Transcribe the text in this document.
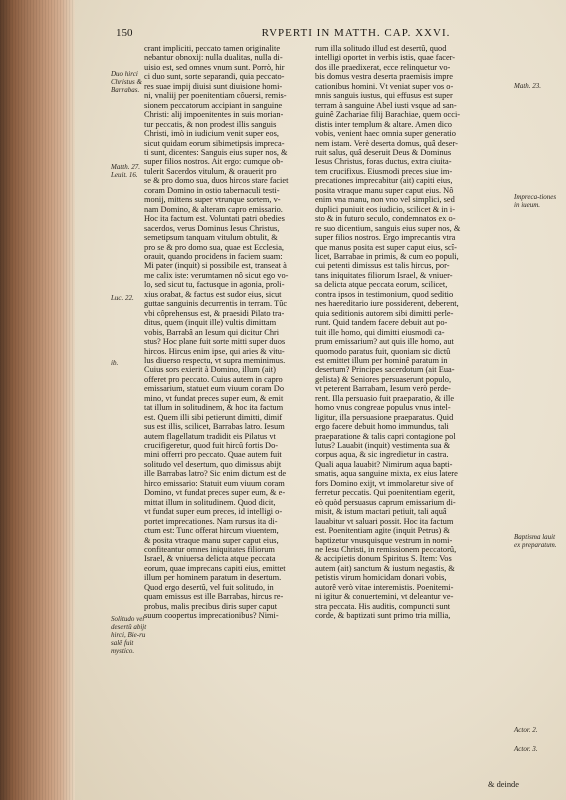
150	RVPERTI IN MATTH. CAP. XXVI.
crant impliciti, peccato tamen originalite
nebantur obnoxij: nulla dualitas, nulla di-
uisio est, sed omnes vnum sunt. Porrò, hir
ci duo sunt, sorte separandi, quia peccato-
res suae impij diuisi sunt diuisione homi-
ni, vnaliij per poenitentiam côuersi, remis-
sionem peccatorum accipiant in sanguine
Christi: alij impoenitentes in suis morian-
tur peccatis, & non prodest illis sanguis
Christi, imò in iudicium venit super eos,
sicut quidam eorum sibimetipsis impreca-
ti sunt, dicentes: Sanguis eius super nos, &
super filios nostros. Ait ergo: cumque ob-
tulerit Sacerdos vitulum, & orauerit pro
se & pro domo sua, duos hircos stare faciet
coram Domino in ostio tabernaculi testi-
monij, mittens super vtrunque sortem, v-
nam Domino, & alteram capro emissario.
Hoc ita factum est. Voluntati patri obedies
sacerdos, verus Dominus Iesus Christus,
semetipsum tanquam vitulum obtulit, &
pro se & pro domo sua, quae est Ecclesia,
orauit, quando procidens in faciem suam:
Mi pater (inquit) si possibile est, transeat à
me calix iste: verumtamen nô sicut ego vo-
lo, sed sicut tu, factusque in agonia, proli-
xius orabat, & factus est sudor eius, sicut
guttae sanguinis decurrentis in terram. Tûc
vbi côprehensus est, & praesidi Pilato tra-
ditus, quem (inquit ille) vultis dimittam
vobis, Barrabâ an Iesum qui dicitur Chri
stus? Hoc plane fuit sorte mitti super duos
hircos. Hircus enim ipse, qui aries & vitu-
lus diuerso respectu, vt supra meminimus.
Cuius sors exierit à Domino, illum (ait)
offeret pro peccato. Cuius autem in capro
emissarium, statuet eum viuum coram Do
mino, vt fundat preces super eum, & emit
tat illum in solitudinem, & hoc ita factum
est. Quem illi sibi petierunt dimitti, dimif
sus est illis, scilicet, Barrabas latro. Iesum
autem flagellatum tradidit eis Pilatus vt
crucifigeretur, quod fuit hircû fortis Do-
mini offerri pro peccato. Quae autem fuit
solitudo vel desertum, quo dimissus abijt
ille Barrabas latro? Sic enim dictum est de
hirco emissario: Statuit eum viuum coram
Domino, vt fundat preces super eum, & e-
mittat illum in solitudinem. Quod dicit,
vt fundat super eum preces, id intelligi o-
portet imprecationes. Nam rursus ita di-
ctum est: Tunc offerat hircum viuentem,
& posita vtraque manu super caput eius,
confiteantur omnes iniquitates filiorum
Israel, & vniuersa delicta atque peccata
eorum, quae imprecans capiti eius, emittet
illum per hominem paratum in desertum.
Quod ergo desertû, vel fuit solitudo, in
quam emissus est ille Barrabas, hircus re-
probus, malis precibus diris super caput
suum coopertus imprecationibus? Nimi-
rum illa solitudo illud est desertû, quod
intelligi oportet in verbis istis, quae facer-
dos ille praedixerat, ecce relinquetur vo-
bis domus vestra deserta praemisis impre
cationibus homini. Vt veniat super vos o-
mnis sanguis iustus, qui effusus est super
terram à sanguine Abel iusti vsque ad san-
guinê Zachariae filij Barachiae, quem occi-
distis inter templum & altare. Amen dico
vobis, venient haec omnia super generatio
nem istam. Verè deserta domus, quâ deser-
ruit salus, quâ deseruit Deus & Dominus
Iesus Christus, foras ductus, extra ciuita-
tem crucifixus. Eiusmodi preces siue im-
precationes imprecabitur (ait) capiti eius,
posita vtraque manu super caput eius. Nô
enim vna manu, non vno vel simplici, sed
duplici puniuit eos iudicio, scilicet & in i-
sto & in futuro seculo, condemnatos ex o-
re suo dicentium, sanguis eius super nos, &
super filios nostros. Ergo imprecantis vtra
que manus posita est super caput eius, scî-
licet, Barrabae in primis, & cum eo populi,
cui petenti dimissus est talis hircus, por-
tans iniquitates filiorum Israel, & vniuer-
sa delicta atque peccata eorum, scilicet,
contra ipsos in testimonium, quod seditio
nes haereditario iure possiderent, deberent,
quia seditionis autorem sibi dimitti perle-
runt. Quid tandem facere debuit aut po-
tuit ille homo, qui dimitti eiusmodi ca-
prum emissarium? aut quis ille homo, aut
quomodo paratus fuit, quoniam sic dictû
est emittet illum per hominê paratum in
desertum? Principes sacerdotum (ait Eua-
gelista) & Seniores persuaserunt populo,
vt peterent Barrabam, Iesum verò perde-
rent. Illa persuasio fuit praeparatio, & ille
homo vnus congreae populus vnus intel-
ligitur, illa persuasione praeparatus. Quid
ergo facere debuit homo immundus, tali
praeparatione & talis capri contagione pol
lutus? Lauabit (inquit) vestimenta sua &
corpus aqua, & sic ingredietur in castra.
Quali aqua lauabit? Nimirum aqua bapti-
smatis, aqua sanguine mixta, ex eius latere
fors Domino exijt, vt immolaretur sive of
ferretur peccatis. Qui poenitentiam egerit,
eò quòd persuasus caprum emissarium di-
misit, & istum mactari petiuit, tali aquâ
lauabitur vt saluari possit. Hoc ita factum
est. Poenitentiam agite (inquit Petrus) &
baptizetur vnusquisque vestrum in nomi-
ne Iesu Christi, in remissionem peccatorû,
& accipietis donum Spiritus S. Item: Vos
autem (ait) sanctum & iustum negastis, &
petistis virum homicidam donari vobis,
autorê verò vitae interemistis. Poenitemi-
ni igitur & conuertemini, vt deleantur ve-
stra peccata. His auditis, compuncti sunt
corde, & baptizati sunt primo tria millia,
Duo hirci Christus & Barrabas.
Matth. 27. Leuit. 16.
Luc. 22.
ib.
Solitudo vel desertû abijt hirci, Bie-ru salê fuit mystico.
Math. 23.
Impreca-tiones in iueum.
Baptisma lauit ex preparatum.
Actor. 2.
Actor. 3.
& deinde
